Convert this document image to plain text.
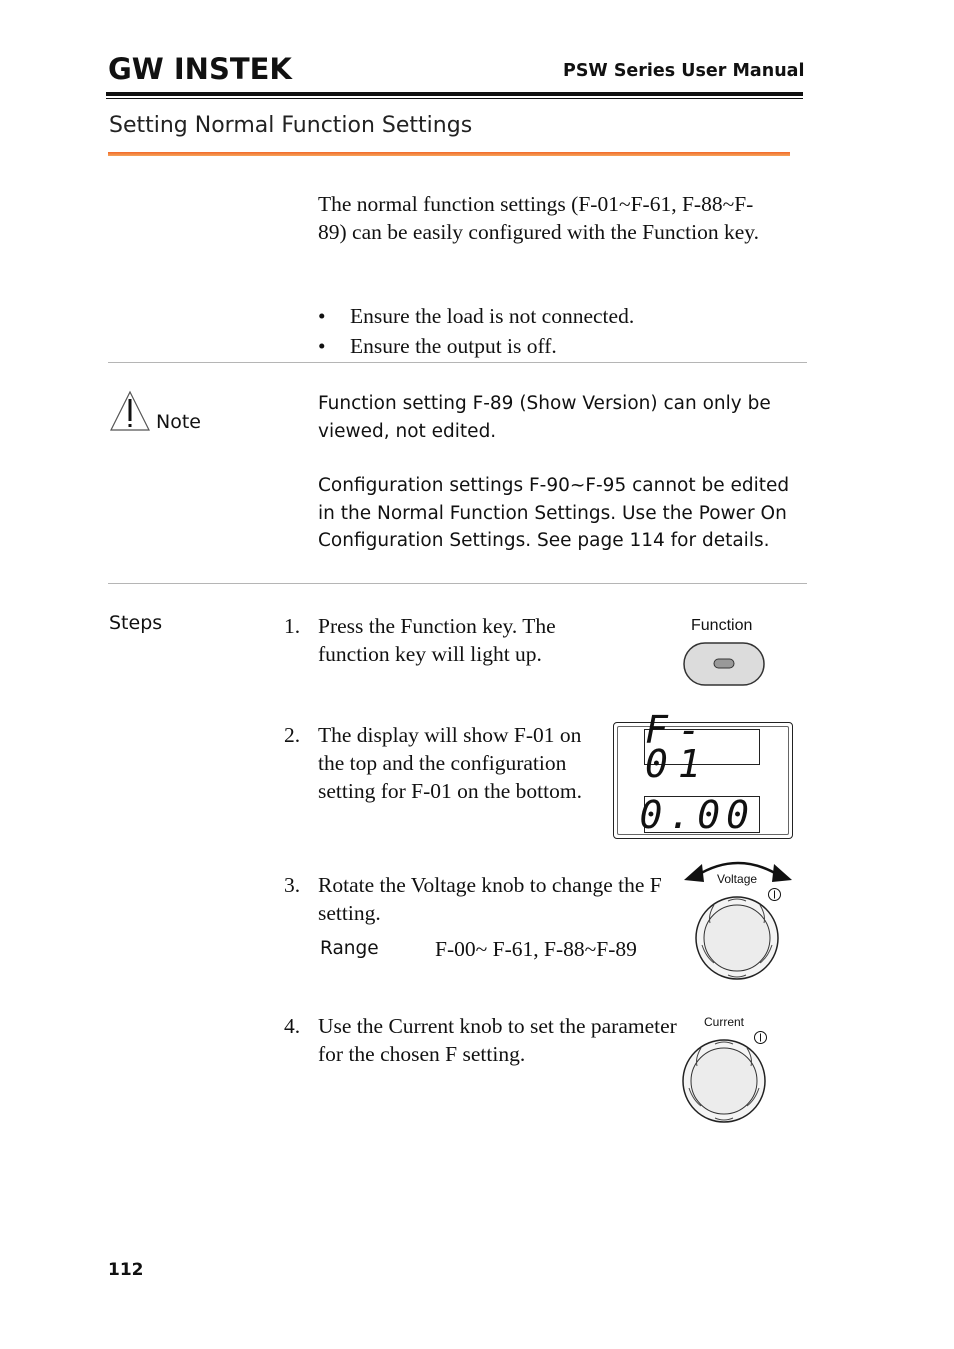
GW INSTEK	PSW Series User Manual
Setting Normal Function Settings
The normal function settings (F-01~F-61, F-88~F-89) can be easily configured with the Function key.
• Ensure the load is not connected.
• Ensure the output is off.
Note
Function setting F-89 (Show Version) can only be viewed, not edited.
Configuration settings F-90~F-95 cannot be edited in the Normal Function Settings. Use the Power On Configuration Settings. See page 114 for details.
Steps	1. Press the Function key. The function key will light up.
2. The display will show F-01 on the top and the configuration setting for F-01 on the bottom.
3. Rotate the Voltage knob to change the F setting.
Range	F-00~ F-61, F-88~F-89
4. Use the Current knob to set the parameter for the chosen F setting.
Function
F-01
0.00
Voltage
Current
112
